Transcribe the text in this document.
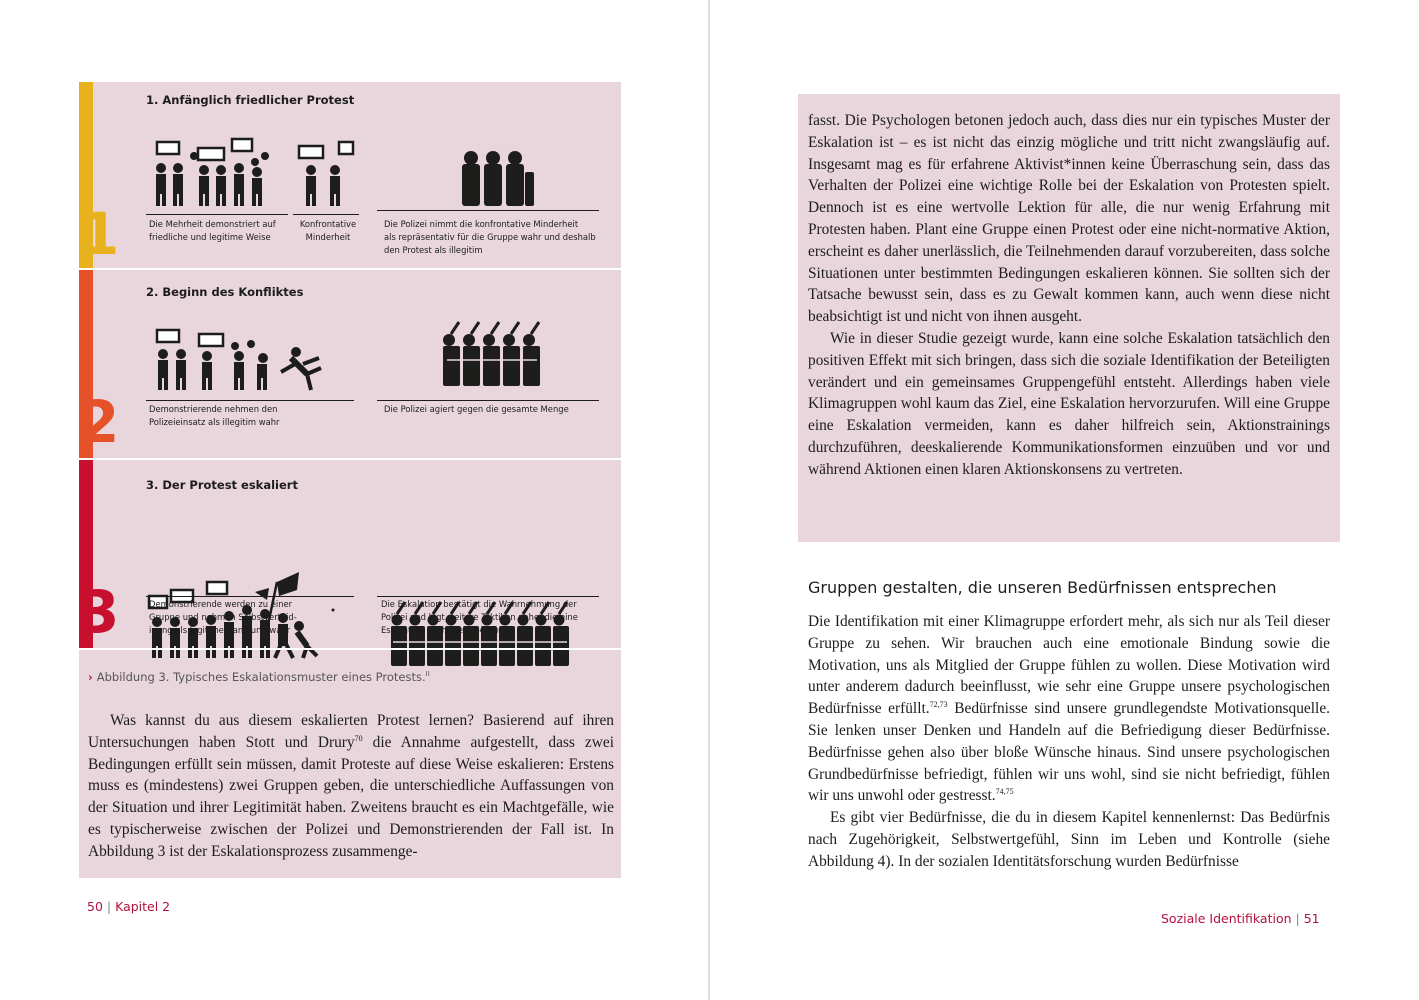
1
1. Anfänglich friedlicher Protest
Die Mehrheit demonstriert auf
friedliche und legitime Weise
Konfrontative
Minderheit
Die Polizei nimmt die konfrontative Minderheit
als repräsentativ für die Gruppe wahr und deshalb
den Protest als illegitim
2
2. Beginn des Konfliktes
Demonstrierende nehmen den
Polizeieinsatz als illegitim wahr
Die Polizei agiert gegen die gesamte Menge
3
3. Der Protest eskaliert
Demonstrierende werden zu einer
Gruppe und nehmen Selbstverteid-
igung als legitime Handlung wahr
Die Eskalation bestätigt die Wahrnehmung der
Polizei und legt weitere Taktiken nahe, die eine
Eskalation noch mehr befeuern
› Abbildung 3. Typisches Eskalationsmuster eines Protests.$^{II}$

Was kannst du aus diesem eskalierten Protest lernen? Basierend auf ihren Untersuchungen haben Stott und Drury$^{70}$ die Annahme aufgestellt, dass zwei Bedingungen erfüllt sein müssen, damit Proteste auf diese Weise eskalieren: Erstens muss es (mindestens) zwei Gruppen geben, die unterschiedliche Auffassungen von der Situation und ihrer Legitimität haben. Zweitens braucht es ein Machtgefälle, wie es typischerweise zwischen der Polizei und Demonstrierenden der Fall ist. In Abbildung 3 ist der Eskalationsprozess zusammenge-

50 | Kapitel 2

fasst. Die Psychologen betonen jedoch auch, dass dies nur ein typisches Muster der Eskalation ist – es ist nicht das einzig mögliche und tritt nicht zwangsläufig auf. Insgesamt mag es für erfahrene Aktivist*innen keine Überraschung sein, dass das Verhalten der Polizei eine wichtige Rolle bei der Eskalation von Protesten spielt. Dennoch ist es eine wertvolle Lektion für alle, die nur wenig Erfahrung mit Protesten haben. Plant eine Gruppe einen Protest oder eine nicht-normative Aktion, erscheint es daher unerlässlich, die Teilnehmenden darauf vorzubereiten, dass solche Situationen unter bestimmten Bedingungen eskalieren können. Sie sollten sich der Tatsache bewusst sein, dass es zu Gewalt kommen kann, auch wenn diese nicht beabsichtigt ist und nicht von ihnen ausgeht.

Wie in dieser Studie gezeigt wurde, kann eine solche Eskalation tatsächlich den positiven Effekt mit sich bringen, dass sich die soziale Identifikation der Beteiligten verändert und ein gemeinsames Gruppengefühl entsteht. Allerdings haben viele Klimagruppen wohl kaum das Ziel, eine Eskalation hervorzurufen. Will eine Gruppe eine Eskalation vermeiden, kann es daher hilfreich sein, Aktionstrainings durchzuführen, deeskalierende Kommunikationsformen einzuüben und vor und während Aktionen einen klaren Aktionskonsens zu vertreten.

Gruppen gestalten, die unseren Bedürfnissen entsprechen

Die Identifikation mit einer Klimagruppe erfordert mehr, als sich nur als Teil dieser Gruppe zu sehen. Wir brauchen auch eine emotionale Bindung sowie die Motivation, uns als Mitglied der Gruppe fühlen zu wollen. Diese Motivation wird unter anderem dadurch beeinflusst, wie sehr eine Gruppe unsere psychologischen Bedürfnisse erfüllt.$^{72,73}$ Bedürfnisse sind unsere grundlegendste Motivationsquelle. Sie lenken unser Denken und Handeln auf die Befriedigung dieser Bedürfnisse. Bedürfnisse gehen also über bloße Wünsche hinaus. Sind unsere psychologischen Grundbedürfnisse befriedigt, fühlen wir uns wohl, sind sie nicht befriedigt, fühlen wir uns unwohl oder gestresst.$^{74,75}$

Es gibt vier Bedürfnisse, die du in diesem Kapitel kennenlernst: Das Bedürfnis nach Zugehörigkeit, Selbstwertgefühl, Sinn im Leben und Kontrolle (siehe Abbildung 4). In der sozialen Identitätsforschung wurden Bedürfnisse

Soziale Identifikation | 51
